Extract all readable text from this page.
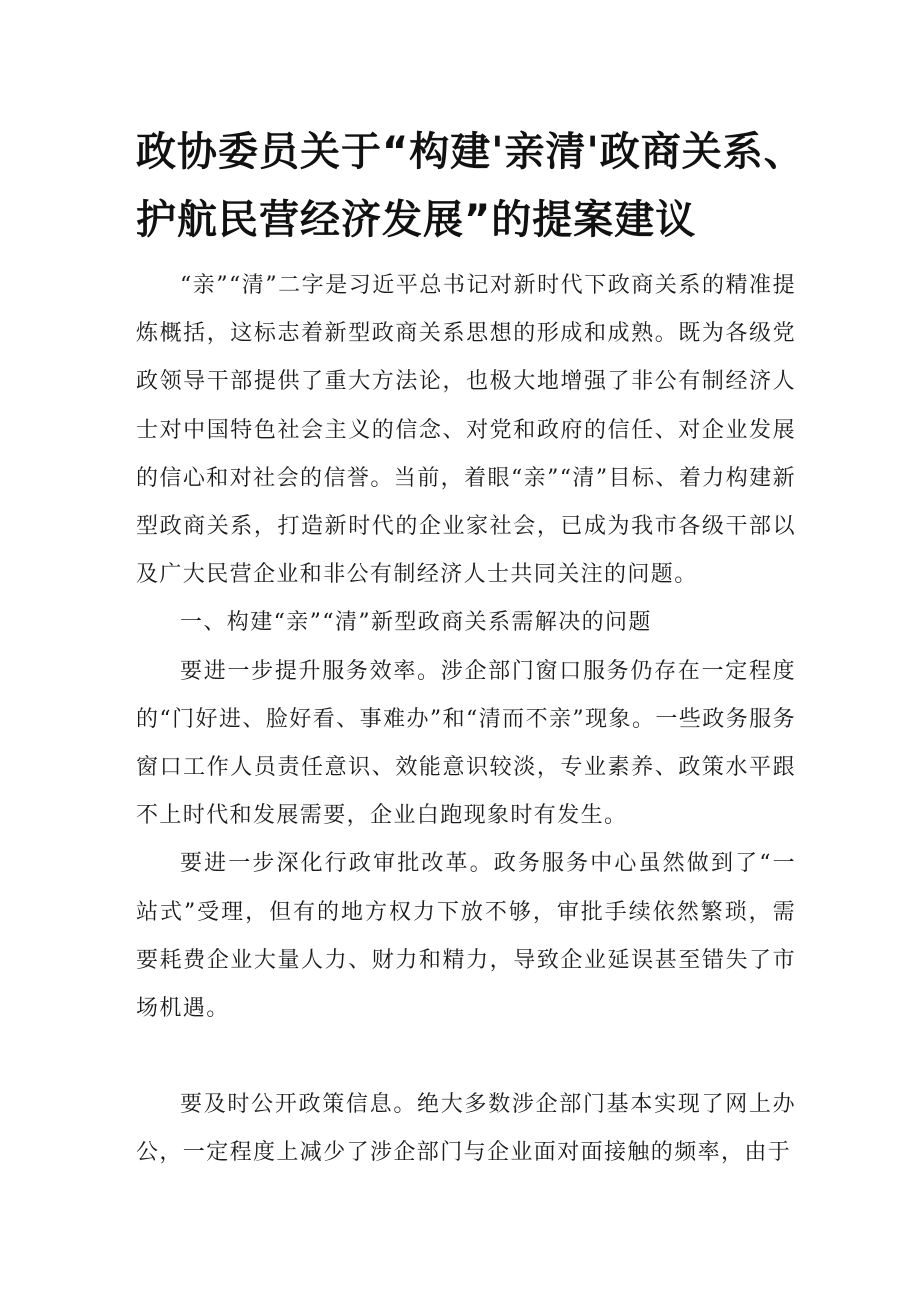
政协委员关于“构建'亲清'政商关系、
护航民营经济发展”的提案建议

“亲”“清”二字是习近平总书记对新时代下政商关系的精准提炼概括，这标志着新型政商关系思想的形成和成熟。既为各级党政领导干部提供了重大方法论，也极大地增强了非公有制经济人士对中国特色社会主义的信念、对党和政府的信任、对企业发展的信心和对社会的信誉。当前，着眼“亲”“清”目标、着力构建新型政商关系，打造新时代的企业家社会，已成为我市各级干部以及广大民营企业和非公有制经济人士共同关注的问题。

一、构建“亲”“清”新型政商关系需解决的问题

要进一步提升服务效率。涉企部门窗口服务仍存在一定程度的“门好进、脸好看、事难办”和“清而不亲”现象。一些政务服务窗口工作人员责任意识、效能意识较淡，专业素养、政策水平跟不上时代和发展需要，企业白跑现象时有发生。

要进一步深化行政审批改革。政务服务中心虽然做到了“一站式”受理，但有的地方权力下放不够，审批手续依然繁琐，需要耗费企业大量人力、财力和精力，导致企业延误甚至错失了市场机遇。

要及时公开政策信息。绝大多数涉企部门基本实现了网上办公，一定程度上减少了涉企部门与企业面对面接触的频率，由于
